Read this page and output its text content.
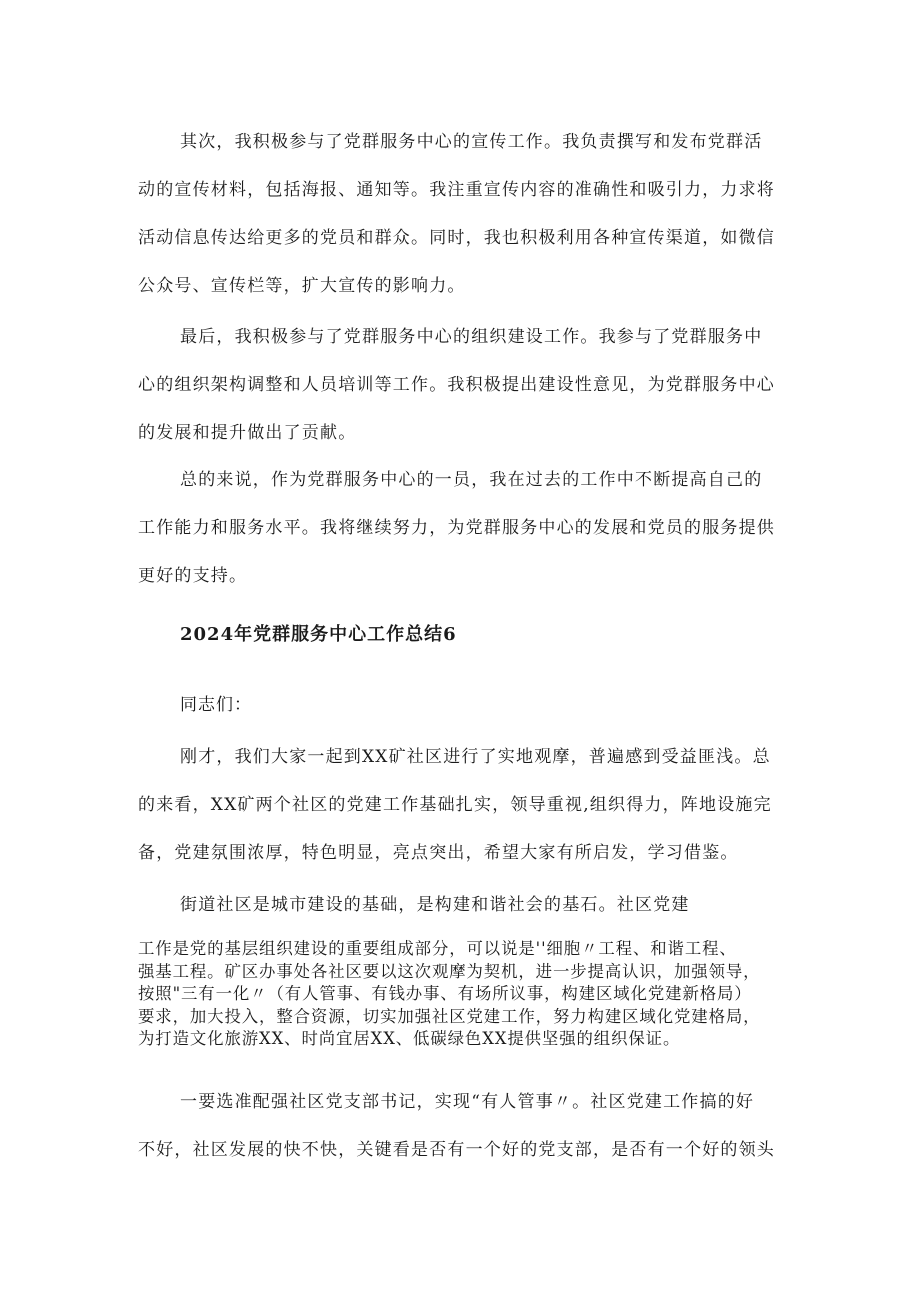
其次，我积极参与了党群服务中心的宣传工作。我负责撰写和发布党群活
动的宣传材料，包括海报、通知等。我注重宣传内容的准确性和吸引力，力求将
活动信息传达给更多的党员和群众。同时，我也积极利用各种宣传渠道，如微信
公众号、宣传栏等，扩大宣传的影响力。

最后，我积极参与了党群服务中心的组织建设工作。我参与了党群服务中
心的组织架构调整和人员培训等工作。我积极提出建设性意见，为党群服务中心
的发展和提升做出了贡献。

总的来说，作为党群服务中心的一员，我在过去的工作中不断提高自己的
工作能力和服务水平。我将继续努力，为党群服务中心的发展和党员的服务提供
更好的支持。

2024年党群服务中心工作总结6

同志们：

刚才，我们大家一起到XX矿社区进行了实地观摩，普遍感到受益匪浅。总
的来看，XX矿两个社区的党建工作基础扎实，领导重视,组织得力，阵地设施完
备，党建氛围浓厚，特色明显，亮点突出，希望大家有所启发，学习借鉴。

街道社区是城市建设的基础，是构建和谐社会的基石。社区党建

工作是党的基层组织建设的重要组成部分，可以说是''细胞〃工程、和谐工程、
强基工程。矿区办事处各社区要以这次观摩为契机，进一步提高认识，加强领导，
按照"三有一化〃（有人管事、有钱办事、有场所议事，构建区域化党建新格局）
要求，加大投入，整合资源，切实加强社区党建工作，努力构建区域化党建格局，
为打造文化旅游XX、时尚宜居XX、低碳绿色XX提供坚强的组织保证。

一要选准配强社区党支部书记，实现“有人管事〃。社区党建工作搞的好
不好，社区发展的快不快，关键看是否有一个好的党支部，是否有一个好的领头
